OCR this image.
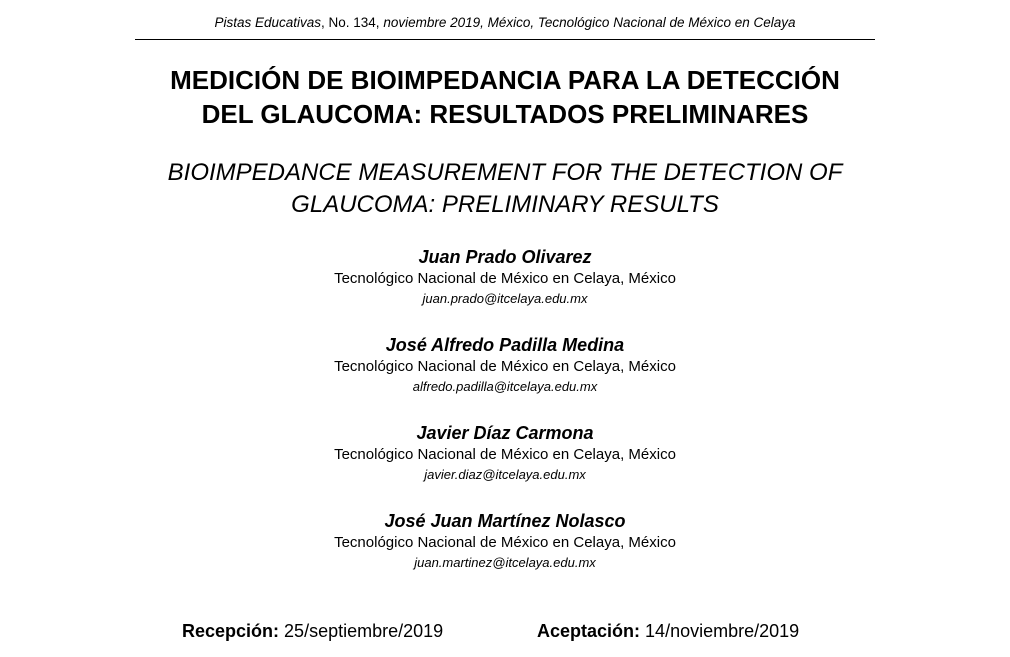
Pistas Educativas, No. 134, noviembre 2019, México, Tecnológico Nacional de México en Celaya
MEDICIÓN DE BIOIMPEDANCIA PARA LA DETECCIÓN
DEL GLAUCOMA: RESULTADOS PRELIMINARES
BIOIMPEDANCE MEASUREMENT FOR THE DETECTION OF
GLAUCOMA: PRELIMINARY RESULTS
Juan Prado Olivarez
Tecnológico Nacional de México en Celaya, México
juan.prado@itcelaya.edu.mx
José Alfredo Padilla Medina
Tecnológico Nacional de México en Celaya, México
alfredo.padilla@itcelaya.edu.mx
Javier Díaz Carmona
Tecnológico Nacional de México en Celaya, México
javier.diaz@itcelaya.edu.mx
José Juan Martínez Nolasco
Tecnológico Nacional de México en Celaya, México
juan.martinez@itcelaya.edu.mx
Recepción: 25/septiembre/2019	Aceptación: 14/noviembre/2019
